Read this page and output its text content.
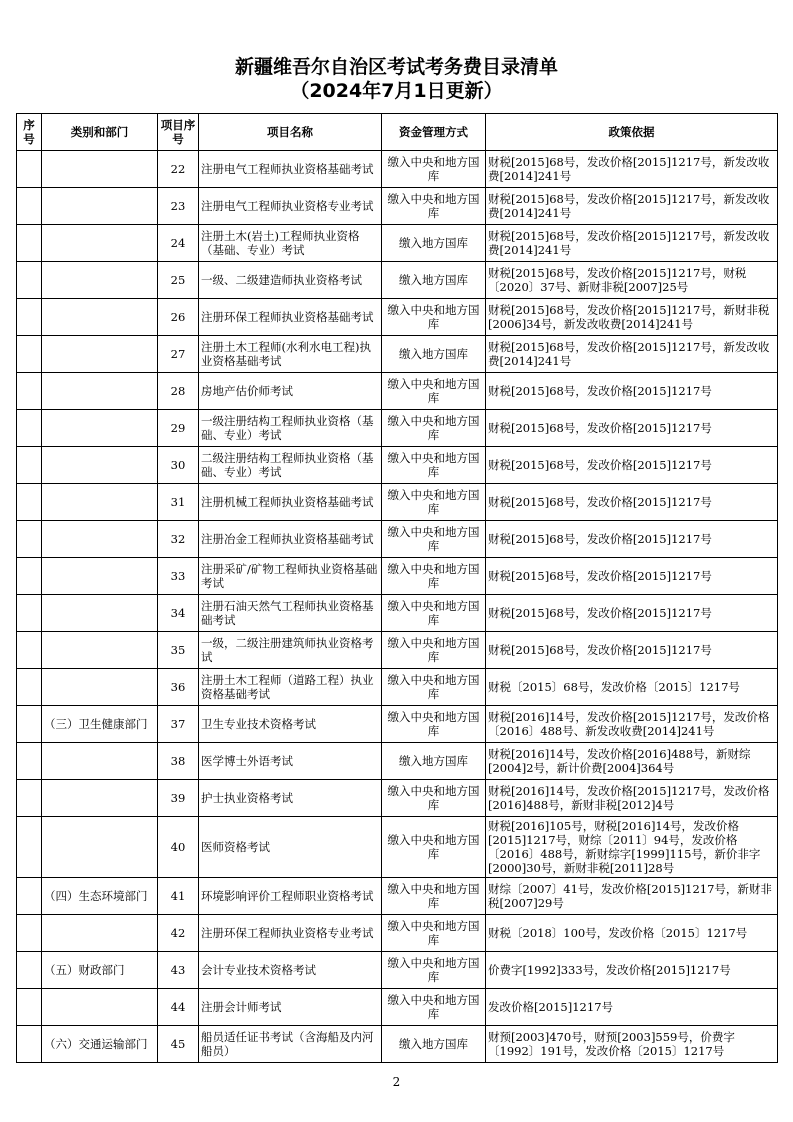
新疆维吾尔自治区考试考务费目录清单
（2024年7月1日更新）
序号	类别和部门	项目序号	项目名称	资金管理方式	政策依据
		22	注册电气工程师执业资格基础考试	缴入中央和地方国库	财税[2015]68号，发改价格[2015]1217号，新发改收费[2014]241号
		23	注册电气工程师执业资格专业考试	缴入中央和地方国库	财税[2015]68号，发改价格[2015]1217号，新发改收费[2014]241号
		24	注册土木(岩土)工程师执业资格（基础、专业）考试	缴入地方国库	财税[2015]68号，发改价格[2015]1217号，新发改收费[2014]241号
		25	一级、二级建造师执业资格考试	缴入地方国库	财税[2015]68号，发改价格[2015]1217号，财税〔2020〕37号、新财非税[2007]25号
		26	注册环保工程师执业资格基础考试	缴入中央和地方国库	财税[2015]68号，发改价格[2015]1217号，新财非税[2006]34号，新发改收费[2014]241号
		27	注册土木工程师(水利水电工程)执业资格基础考试	缴入地方国库	财税[2015]68号，发改价格[2015]1217号，新发改收费[2014]241号
		28	房地产估价师考试	缴入中央和地方国库	财税[2015]68号，发改价格[2015]1217号
		29	一级注册结构工程师执业资格（基础、专业）考试	缴入中央和地方国库	财税[2015]68号，发改价格[2015]1217号
		30	二级注册结构工程师执业资格（基础、专业）考试	缴入中央和地方国库	财税[2015]68号，发改价格[2015]1217号
		31	注册机械工程师执业资格基础考试	缴入中央和地方国库	财税[2015]68号，发改价格[2015]1217号
		32	注册冶金工程师执业资格基础考试	缴入中央和地方国库	财税[2015]68号，发改价格[2015]1217号
		33	注册采矿/矿物工程师执业资格基础考试	缴入中央和地方国库	财税[2015]68号，发改价格[2015]1217号
		34	注册石油天然气工程师执业资格基础考试	缴入中央和地方国库	财税[2015]68号，发改价格[2015]1217号
		35	一级，二级注册建筑师执业资格考试	缴入中央和地方国库	财税[2015]68号，发改价格[2015]1217号
		36	注册土木工程师（道路工程）执业资格基础考试	缴入中央和地方国库	财税〔2015〕68号，发改价格〔2015〕1217号
	（三）卫生健康部门	37	卫生专业技术资格考试	缴入中央和地方国库	财税[2016]14号，发改价格[2015]1217号，发改价格〔2016〕488号、新发改收费[2014]241号
		38	医学博士外语考试	缴入地方国库	财税[2016]14号，发改价格[2016]488号，新财综[2004]2号，新计价费[2004]364号
		39	护士执业资格考试	缴入中央和地方国库	财税[2016]14号，发改价格[2015]1217号，发改价格[2016]488号，新财非税[2012]4号
		40	医师资格考试	缴入中央和地方国库	财税[2016]105号，财税[2016]14号，发改价格[2015]1217号，财综〔2011〕94号，发改价格〔2016〕488号，新财综字[1999]115号，新价非字[2000]30号，新财非税[2011]28号
	（四）生态环境部门	41	环境影响评价工程师职业资格考试	缴入中央和地方国库	财综〔2007〕41号，发改价格[2015]1217号，新财非税[2007]29号
		42	注册环保工程师执业资格专业考试	缴入中央和地方国库	财税〔2018〕100号，发改价格〔2015〕1217号
	（五）财政部门	43	会计专业技术资格考试	缴入中央和地方国库	价费字[1992]333号，发改价格[2015]1217号
		44	注册会计师考试	缴入中央和地方国库	发改价格[2015]1217号
	（六）交通运输部门	45	船员适任证书考试（含海船及内河船员）	缴入地方国库	财预[2003]470号，财预[2003]559号，价费字〔1992〕191号，发改价格〔2015〕1217号
2
